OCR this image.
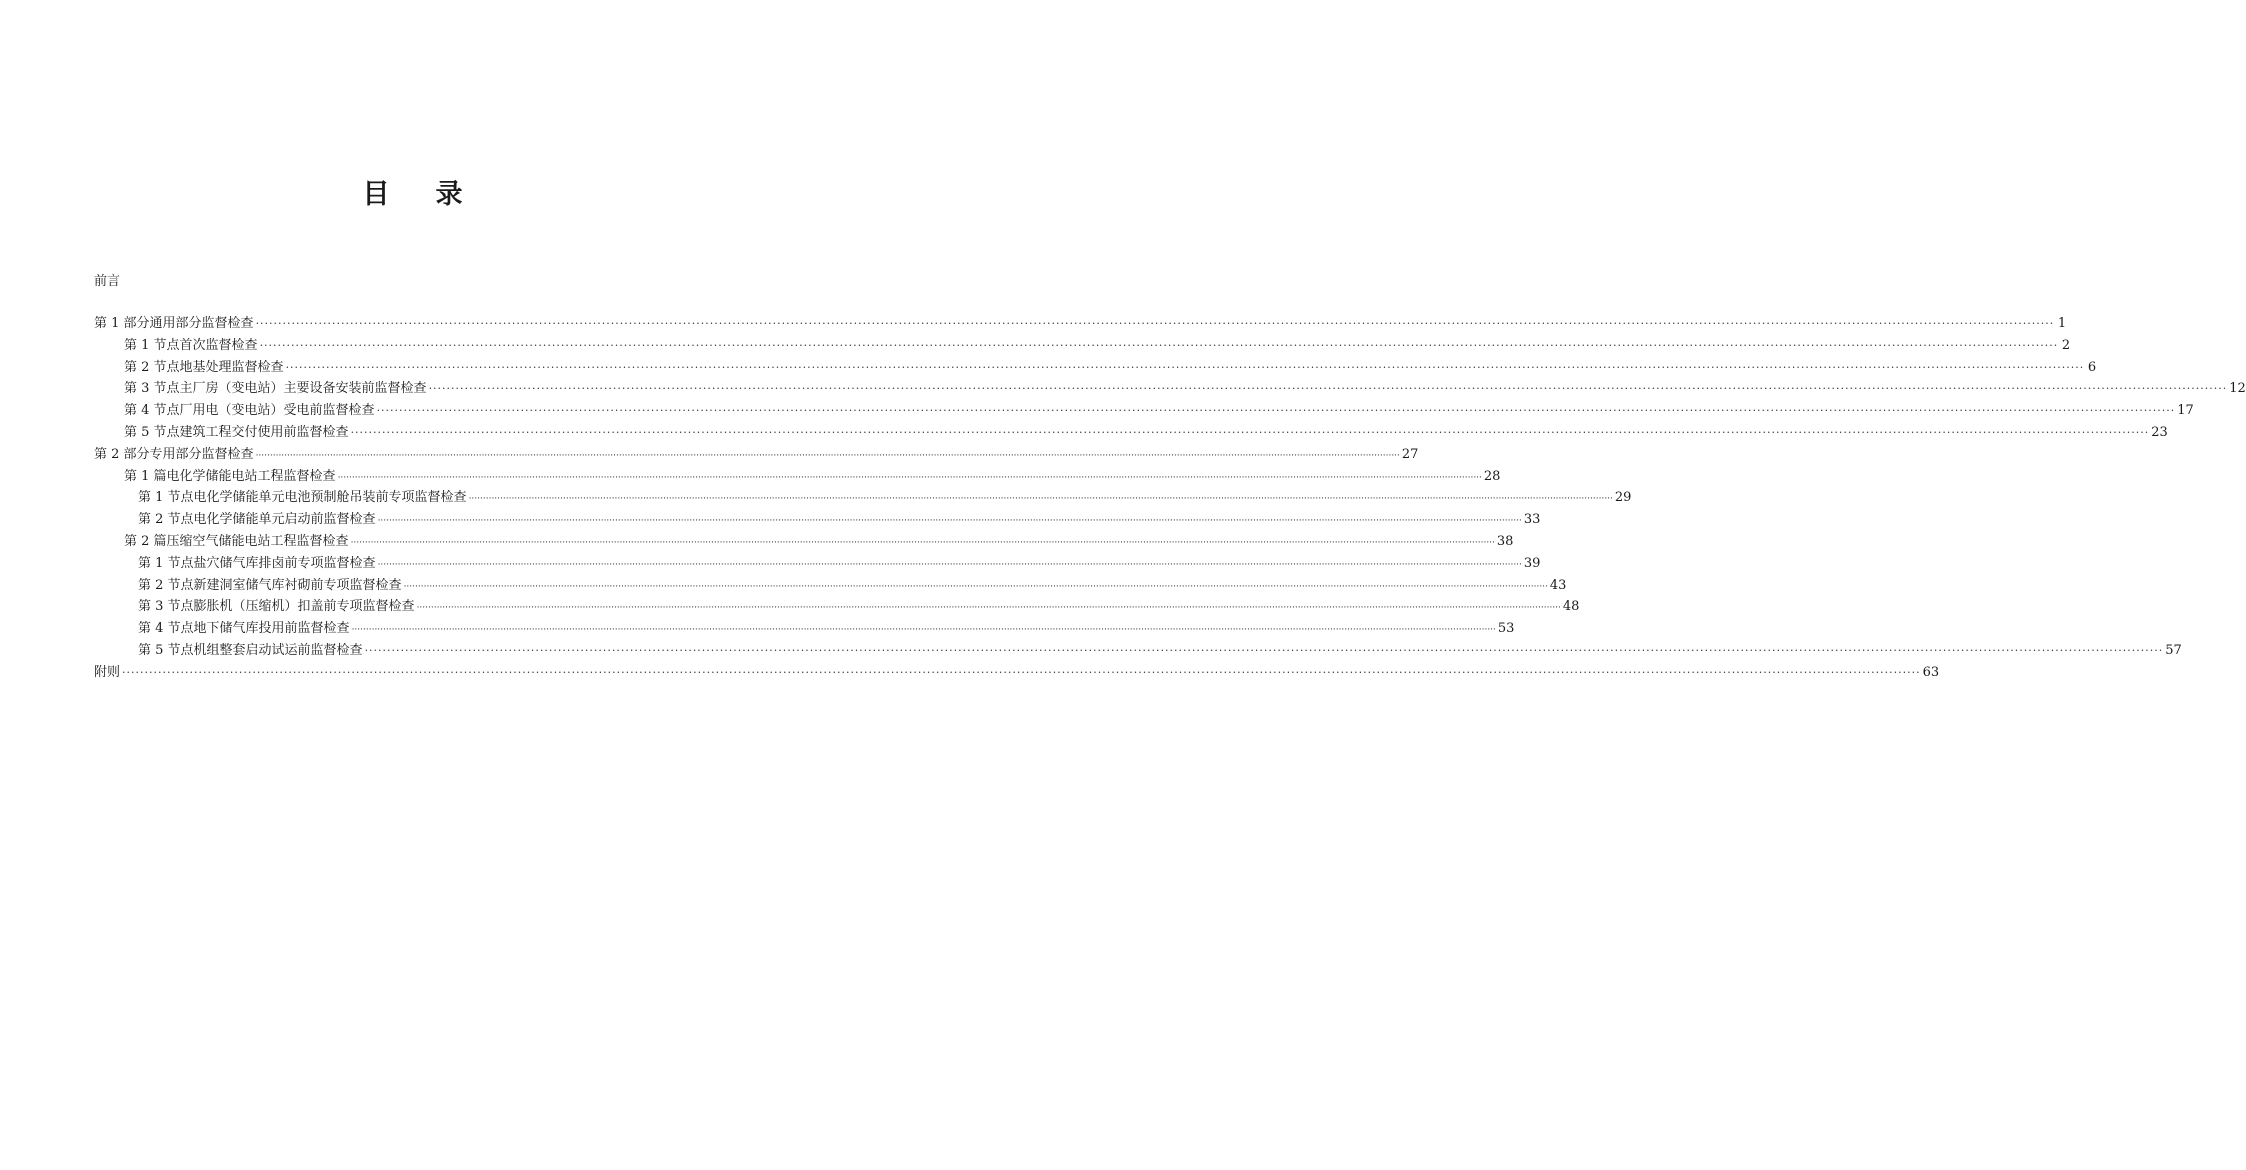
目 录
前言
第 1 部分 通用部分监督检查 ················································································································································································································································································································································································································ 1
第 1 节点 首次监督检查 ················································································································································································································································································································································································································ 2
第 2 节点 地基处理监督检查 ················································································································································································································································································································································································································ 6
第 3 节点 主厂房（变电站）主要设备安装前监督检查 ················································································································································································································································································································································································································ 12
第 4 节点 厂用电（变电站）受电前监督检查 ················································································································································································································································································································································································································ 17
第 5 节点 建筑工程交付使用前监督检查 ················································································································································································································································································································································································································ 23
第 2 部分 专用部分监督检查 ················································································································································································································································································································································································································ 27
第 1 篇 电化学储能电站工程监督检查 ················································································································································································································································································································································································································ 28
第 1 节点 电化学储能单元电池预制舱吊装前专项监督检查 ················································································································································································································································································································································································································ 29
第 2 节点 电化学储能单元启动前监督检查 ················································································································································································································································································································································································································ 33
第 2 篇 压缩空气储能电站工程监督检查 ················································································································································································································································································································································································································ 38
第 1 节点 盐穴储气库排卤前专项监督检查 ················································································································································································································································································································································································································ 39
第 2 节点 新建洞室储气库衬砌前专项监督检查 ················································································································································································································································································································································································································ 43
第 3 节点 膨胀机（压缩机）扣盖前专项监督检查 ················································································································································································································································································································································································································ 48
第 4 节点 地下储气库投用前监督检查 ················································································································································································································································································································································································································ 53
第 5 节点 机组整套启动试运前监督检查 ················································································································································································································································································································································································································ 57
附则 ················································································································································································································································································································································································································ 63
